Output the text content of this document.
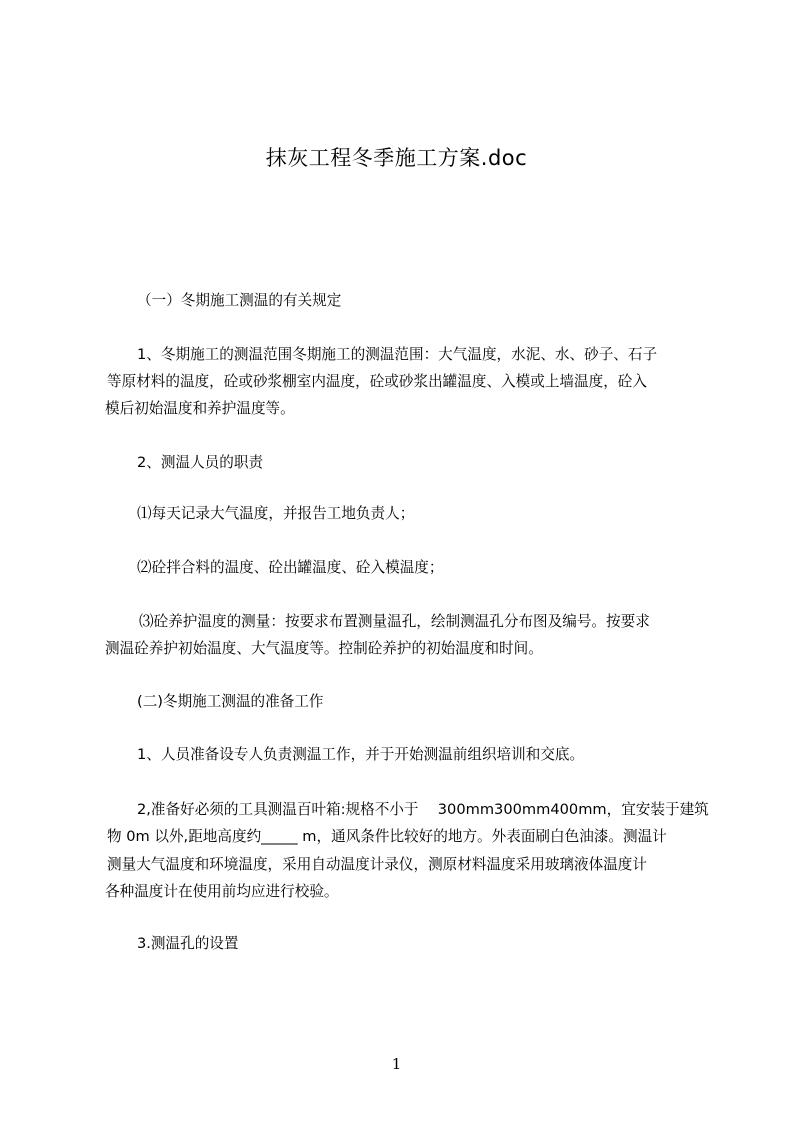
抹灰工程冬季施工方案.doc
（一）冬期施工测温的有关规定
1、冬期施工的测温范围冬期施工的测温范围：大气温度，水泥、水、砂子、石子
等原材料的温度，砼或砂浆棚室内温度，砼或砂浆出罐温度、入模或上墙温度，砼入
模后初始温度和养护温度等。
2、测温人员的职责
⑴每天记录大气温度，并报告工地负责人；
⑵砼拌合料的温度、砼出罐温度、砼入模温度；
⑶砼养护温度的测量：按要求布置测量温孔，绘制测温孔分布图及编号。按要求
测温砼养护初始温度、大气温度等。控制砼养护的初始温度和时间。
(二)冬期施工测温的准备工作
1、人员准备设专人负责测温工作，并于开始测温前组织培训和交底。
2,准备好必须的工具测温百叶箱:规格不小于　 300mm300mm400mm，宜安装于建筑
物 0m 以外,距地高度约_____ m，通风条件比较好的地方。外表面刷白色油漆。测温计
测量大气温度和环境温度，采用自动温度计录仪，测原材料温度采用玻璃液体温度计
各种温度计在使用前均应进行校验。
3.测温孔的设置
1
